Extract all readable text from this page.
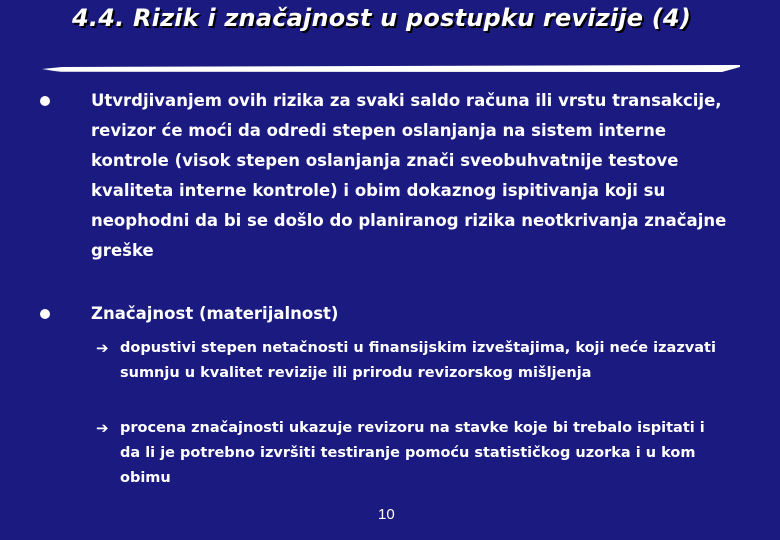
4.4. Rizik i značajnost u postupku revizije (4)
Utvrdjivanjem ovih rizika za svaki saldo računa ili vrstu transakcije, revizor će moći da odredi stepen oslanjanja na sistem interne kontrole (visok stepen oslanjanja znači sveobuhvatnije testove kvaliteta interne kontrole) i obim dokaznog ispitivanja koji su neophodni da bi se došlo do planiranog rizika neotkrivanja značajne greške
Značajnost (materijalnost)
➔ dopustivi stepen netačnosti u finansijskim izveštajima, koji neće izazvati sumnju u kvalitet revizije ili prirodu revizorskog mišljenja
➔ procena značajnosti ukazuje revizoru na stavke koje bi trebalo ispitati i da li je potrebno izvršiti testiranje pomoću statističkog uzorka i u kom obimu
10
